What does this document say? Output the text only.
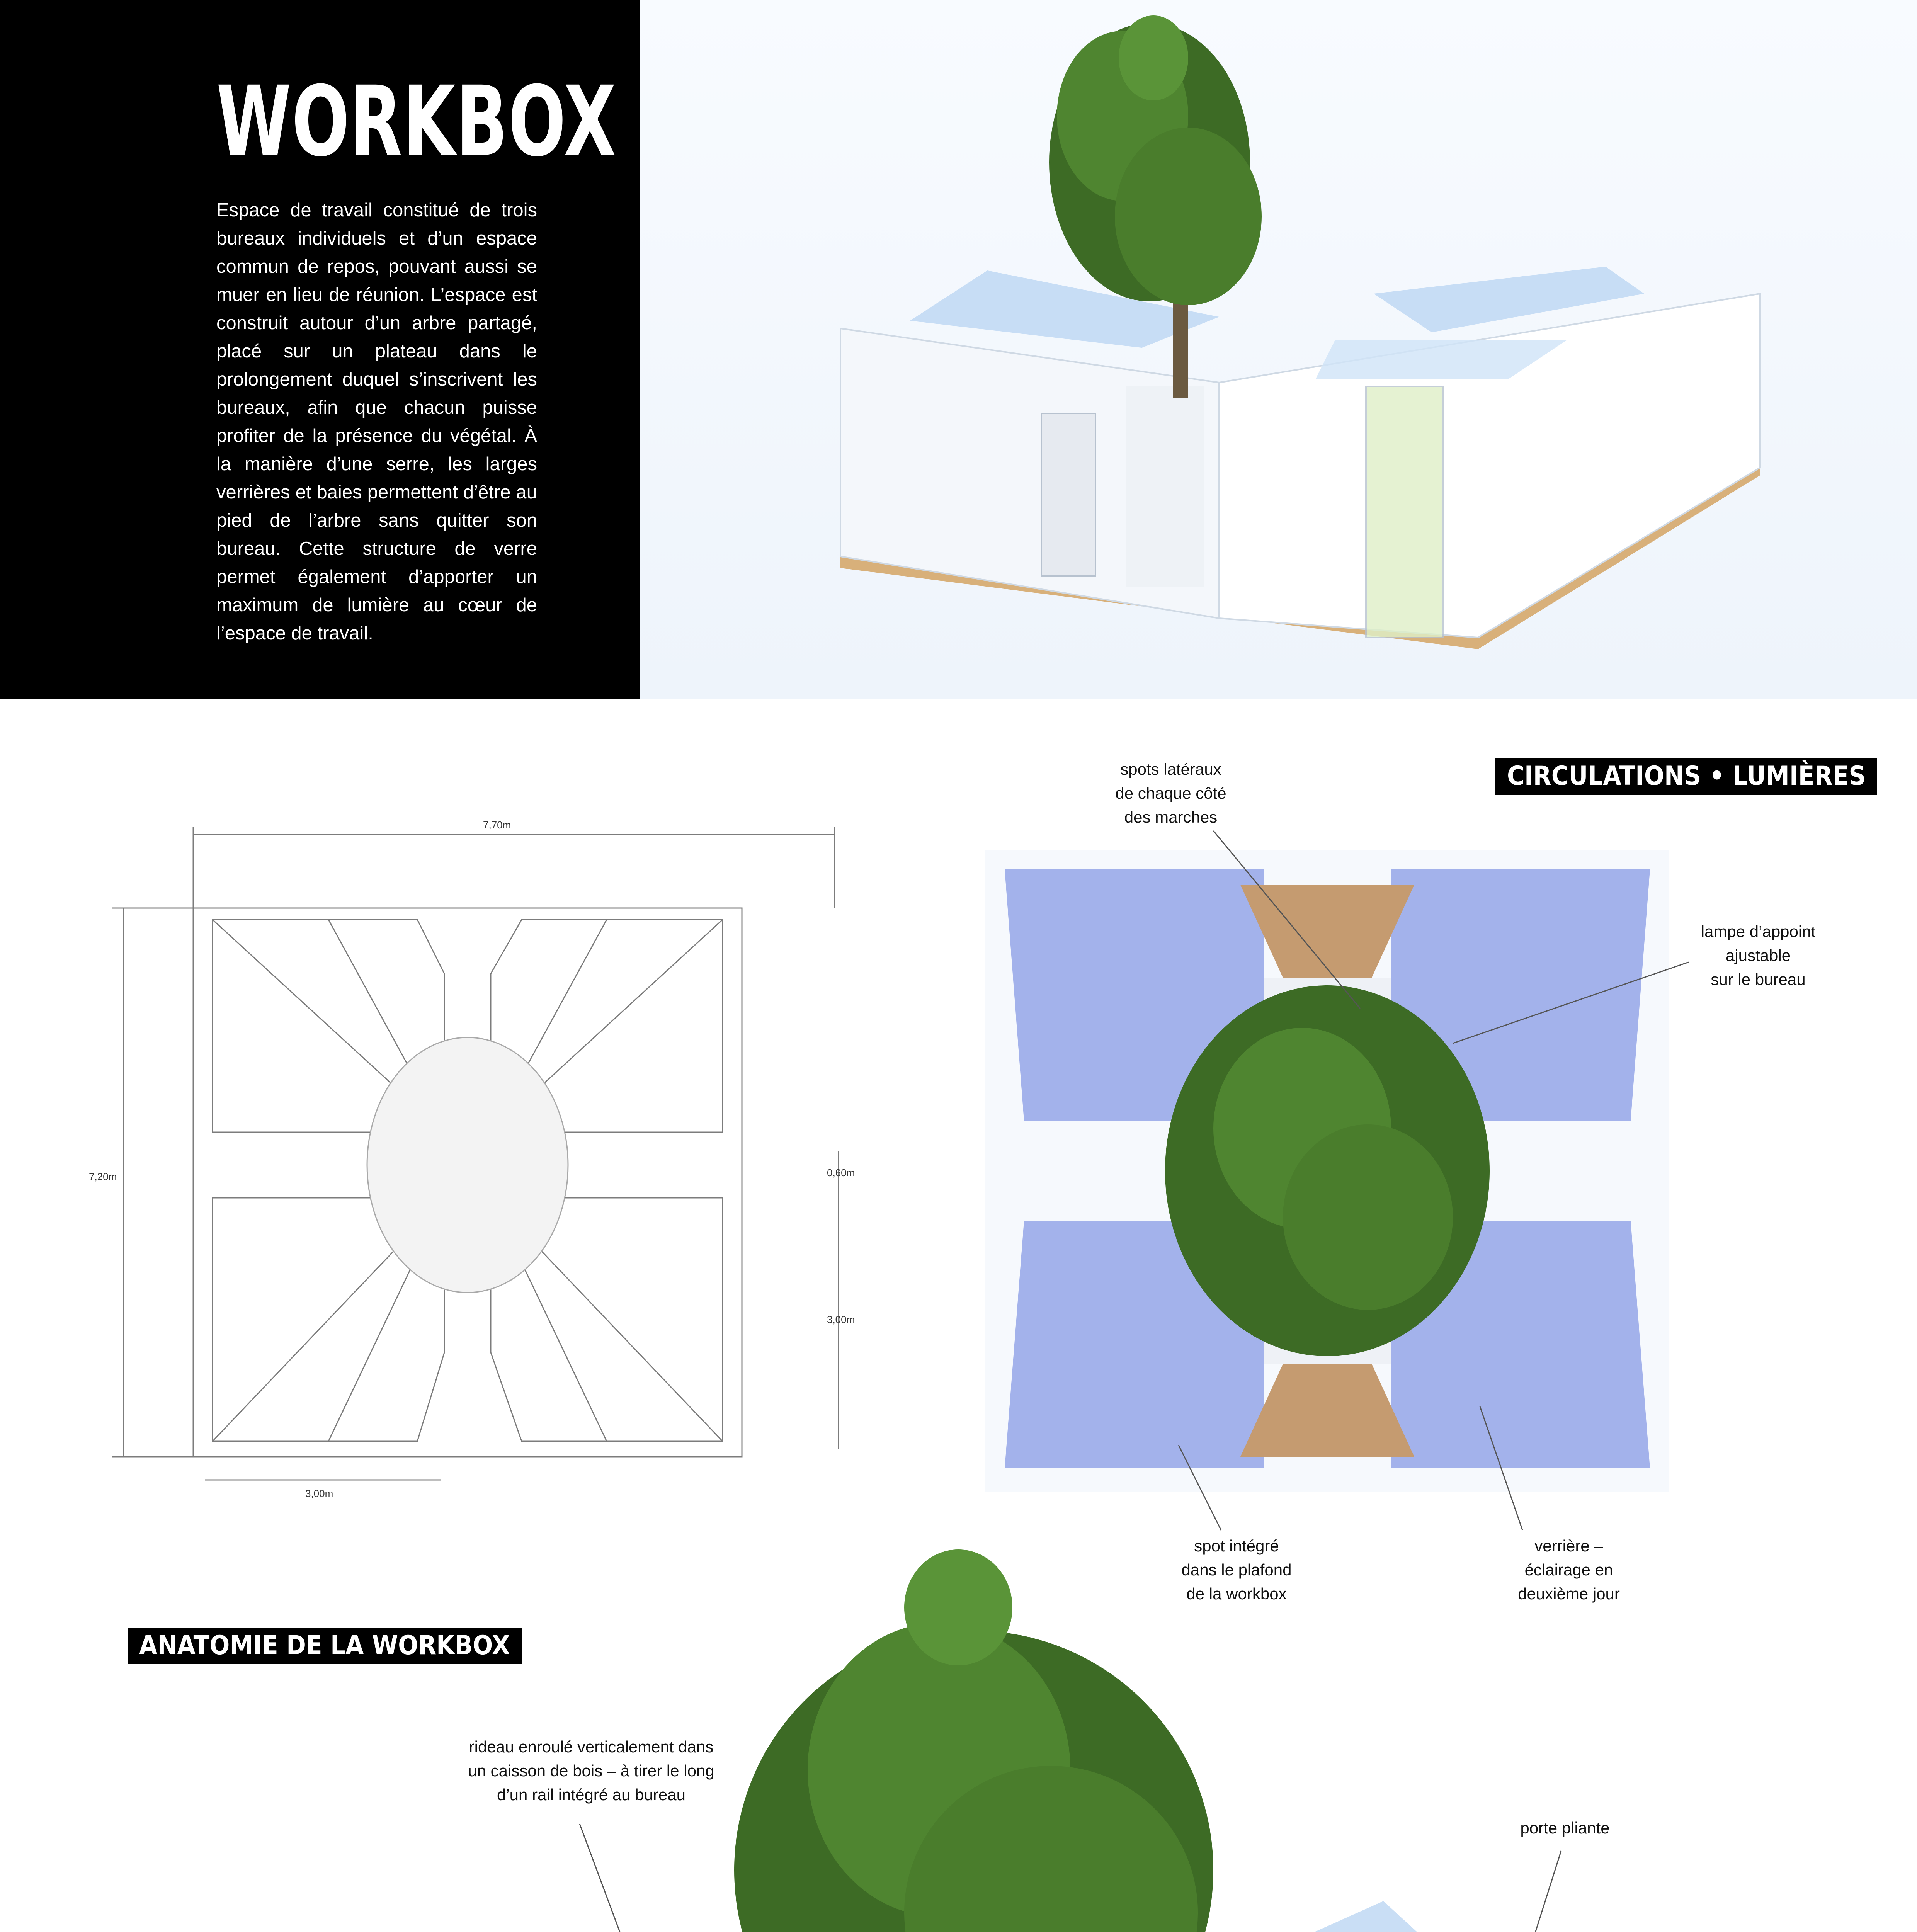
WORKBOX
Espace de travail constitué de trois bureaux individuels et d’un espace commun de repos, pouvant aussi se muer en lieu de réunion. L’espace est construit autour d’un arbre partagé, placé sur un plateau dans le prolongement duquel s’inscrivent les bureaux, afin que chacun puisse profiter de la présence du végétal. À la manière d’une serre, les larges verrières et baies permettent d’être au pied de l’arbre sans quitter son bureau. Cette structure de verre permet également d’apporter un maximum de lumière au cœur de l’espace de travail.
7,70m
7,20m	0,60m
3,00m
3,00m
CIRCULATIONS • LUMIÈRES
spots latéraux
de chaque côté
des marches
lampe d’appoint
ajustable
sur le bureau
spot intégré
dans le plafond
de la workbox
verrière –
éclairage en
deuxième jour
ANATOMIE DE LA WORKBOX
rideau enroulé verticalement dans
un caisson de bois – à tirer le long
d’un rail intégré au bureau
porte pliante
